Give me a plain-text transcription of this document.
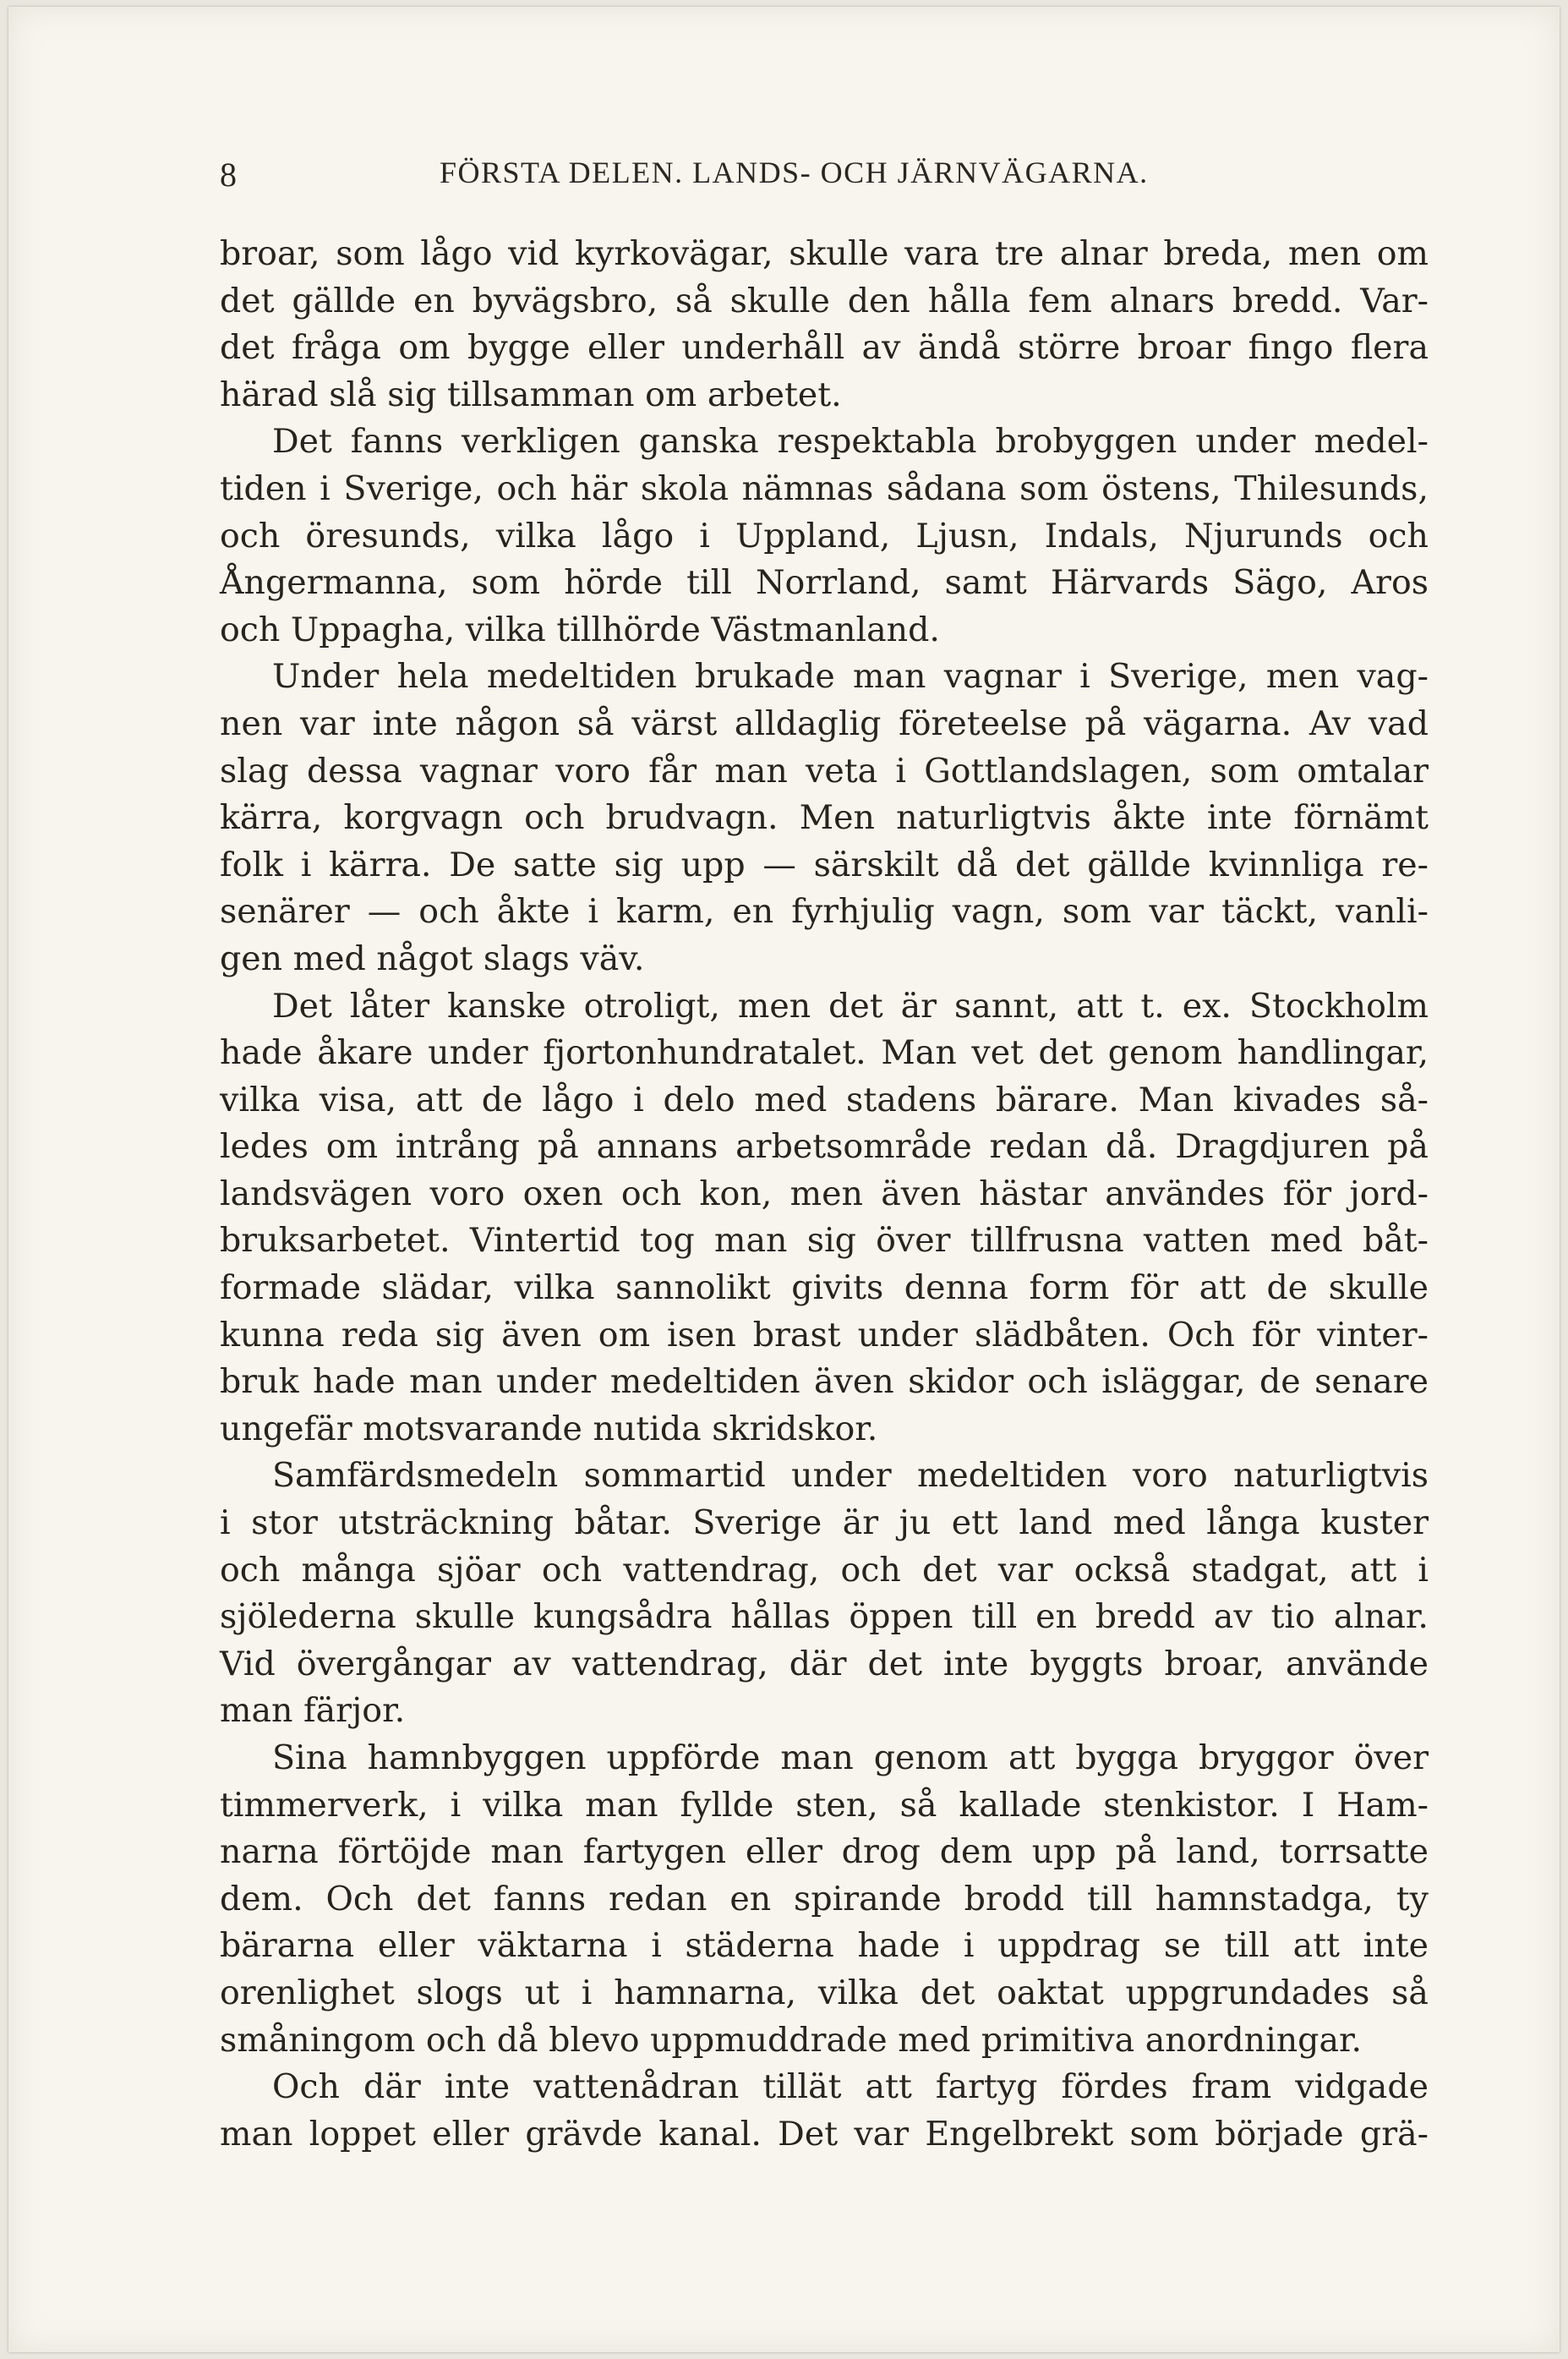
8	FÖRSTA DELEN. LANDS- OCH JÄRNVÄGARNA.

broar, som lågo vid kyrkovägar, skulle vara tre alnar breda, men om
det gällde en byvägsbro, så skulle den hålla fem alnars bredd. Var-
det fråga om bygge eller underhåll av ändå större broar fingo flera
härad slå sig tillsamman om arbetet.

Det fanns verkligen ganska respektabla brobyggen under medel-
tiden i Sverige, och här skola nämnas sådana som östens, Thilesunds,
och öresunds, vilka lågo i Uppland, Ljusn, Indals, Njurunds och
Ångermanna, som hörde till Norrland, samt Härvards Sägo, Aros
och Uppagha, vilka tillhörde Västmanland.

Under hela medeltiden brukade man vagnar i Sverige, men vag-
nen var inte någon så värst alldaglig företeelse på vägarna. Av vad
slag dessa vagnar voro får man veta i Gottlandslagen, som omtalar
kärra, korgvagn och brudvagn. Men naturligtvis åkte inte förnämt
folk i kärra. De satte sig upp — särskilt då det gällde kvinnliga re-
senärer — och åkte i karm, en fyrhjulig vagn, som var täckt, vanli-
gen med något slags väv.

Det låter kanske otroligt, men det är sannt, att t. ex. Stockholm
hade åkare under fjortonhundratalet. Man vet det genom handlingar,
vilka visa, att de lågo i delo med stadens bärare. Man kivades så-
ledes om intrång på annans arbetsområde redan då. Dragdjuren på
landsvägen voro oxen och kon, men även hästar användes för jord-
bruksarbetet. Vintertid tog man sig över tillfrusna vatten med båt-
formade slädar, vilka sannolikt givits denna form för att de skulle
kunna reda sig även om isen brast under slädbåten. Och för vinter-
bruk hade man under medeltiden även skidor och isläggar, de senare
ungefär motsvarande nutida skridskor.

Samfärdsmedeln sommartid under medeltiden voro naturligtvis
i stor utsträckning båtar. Sverige är ju ett land med långa kuster
och många sjöar och vattendrag, och det var också stadgat, att i
sjölederna skulle kungsådra hållas öppen till en bredd av tio alnar.
Vid övergångar av vattendrag, där det inte byggts broar, använde
man färjor.

Sina hamnbyggen uppförde man genom att bygga bryggor över
timmerverk, i vilka man fyllde sten, så kallade stenkistor. I Ham-
narna förtöjde man fartygen eller drog dem upp på land, torrsatte
dem. Och det fanns redan en spirande brodd till hamnstadga, ty
bärarna eller väktarna i städerna hade i uppdrag se till att inte
orenlighet slogs ut i hamnarna, vilka det oaktat uppgrundades så
småningom och då blevo uppmuddrade med primitiva anordningar.

Och där inte vattenådran tillät att fartyg fördes fram vidgade
man loppet eller grävde kanal. Det var Engelbrekt som började grä-
